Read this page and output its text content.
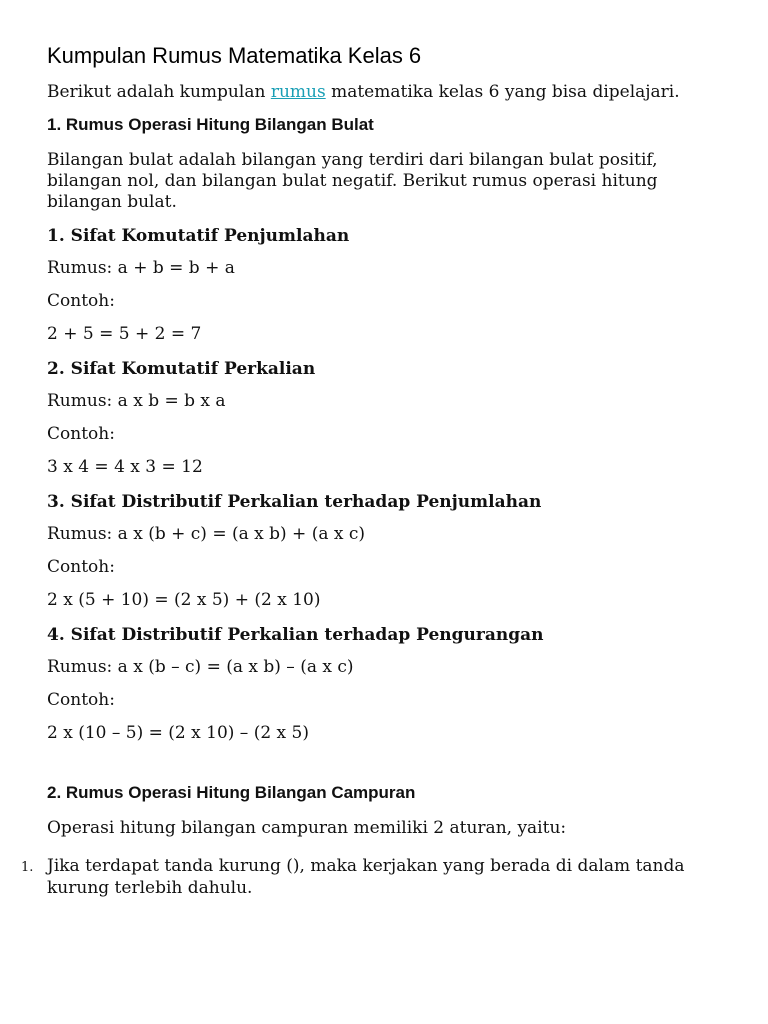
Kumpulan Rumus Matematika Kelas 6

Berikut adalah kumpulan rumus matematika kelas 6 yang bisa dipelajari.

1. Rumus Operasi Hitung Bilangan Bulat

Bilangan bulat adalah bilangan yang terdiri dari bilangan bulat positif, bilangan nol, dan bilangan bulat negatif. Berikut rumus operasi hitung bilangan bulat.

1. Sifat Komutatif Penjumlahan

Rumus: a + b = b + a

Contoh:

2 + 5 = 5 + 2 = 7

2. Sifat Komutatif Perkalian

Rumus: a x b = b x a

Contoh:

3 x 4 = 4 x 3 = 12

3. Sifat Distributif Perkalian terhadap Penjumlahan

Rumus: a x (b + c) = (a x b) + (a x c)

Contoh:

2 x (5 + 10) = (2 x 5) + (2 x 10)

4. Sifat Distributif Perkalian terhadap Pengurangan

Rumus: a x (b – c) = (a x b) – (a x c)

Contoh:

2 x (10 – 5) = (2 x 10) – (2 x 5)

2. Rumus Operasi Hitung Bilangan Campuran

Operasi hitung bilangan campuran memiliki 2 aturan, yaitu:

1. Jika terdapat tanda kurung (), maka kerjakan yang berada di dalam tanda kurung terlebih dahulu.
